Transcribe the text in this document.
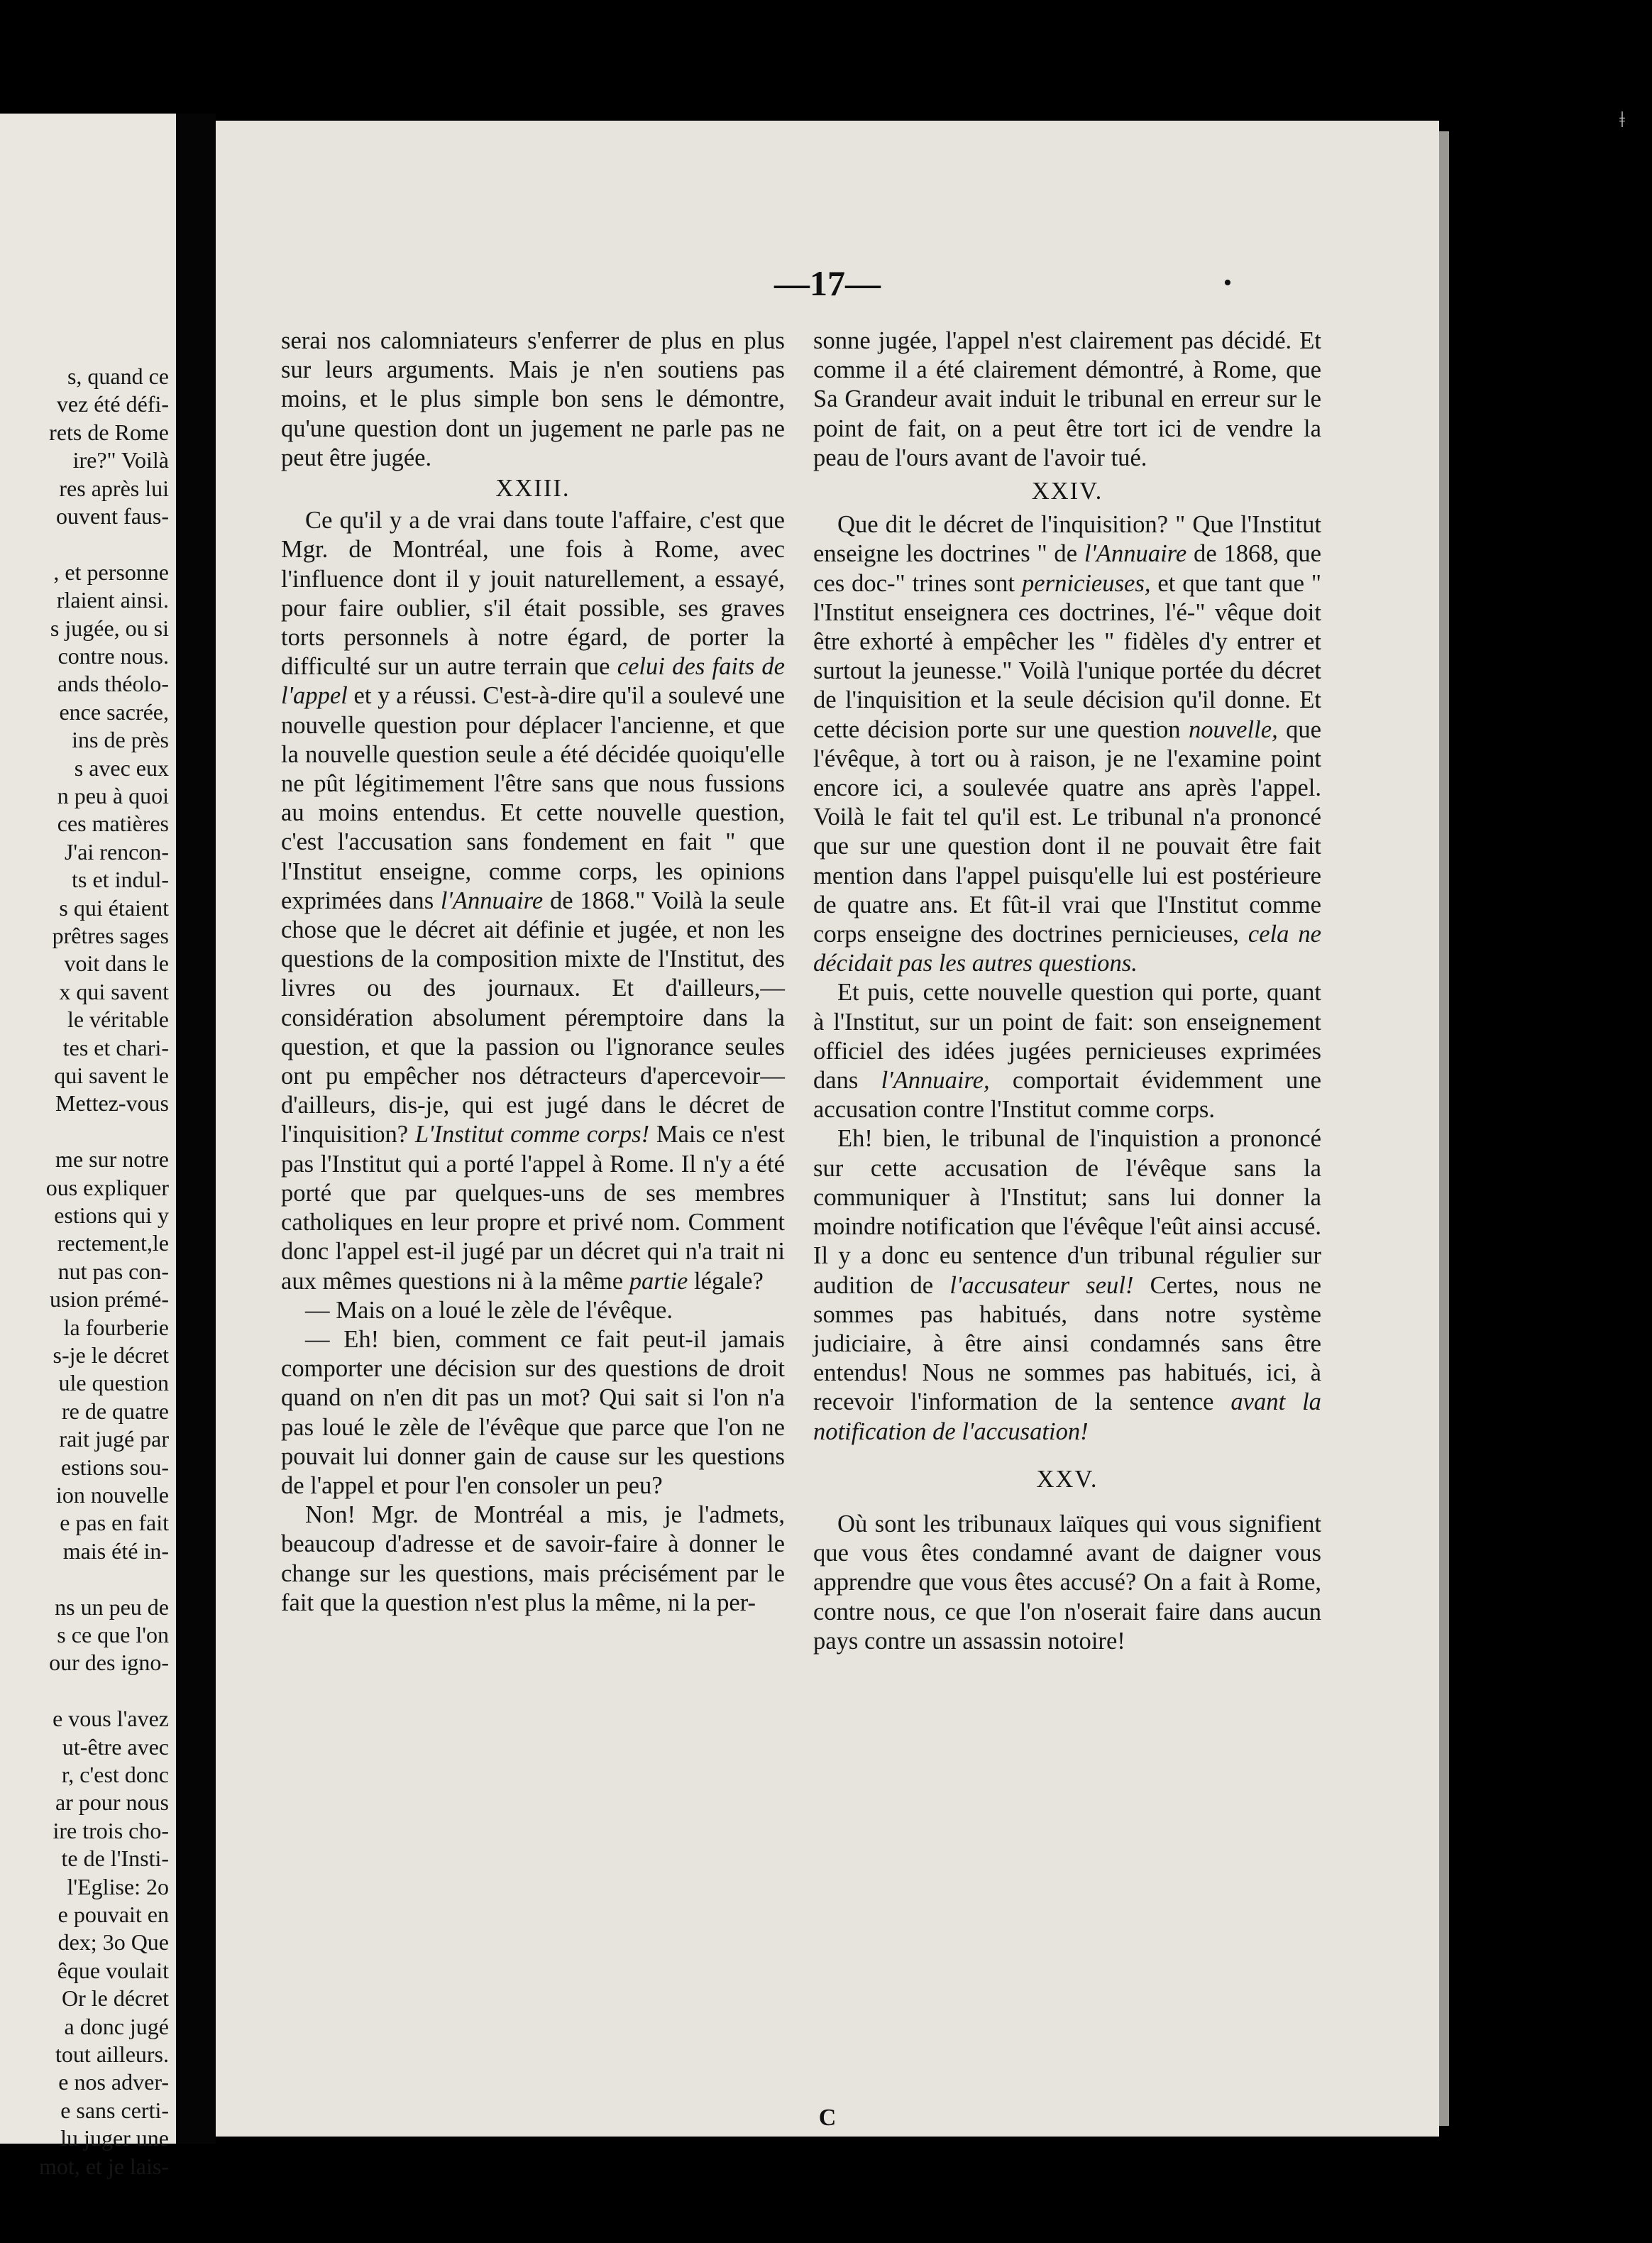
s, quand ce
vez été défi-
rets de Rome
ire?" Voilà
res après lui
ouvent faus-
, et personne
rlaient ainsi.
s jugée, ou si
contre nous.
ands théolo-
ence sacrée,
ins de près
s avec eux
n peu à quoi
ces matières
J'ai rencon-
ts et indul-
s qui étaient
prêtres sages
voit dans le
x qui savent
le véritable
tes et chari-
qui savent le
Mettez-vous
me sur notre
ous expliquer
estions qui y
rectement,le
nut pas con-
usion prémé-
la fourberie
s-je le décret
ule question
re de quatre
rait jugé par
estions sou-
ion nouvelle
e pas en fait
mais été in-
ns un peu de
s ce que l'on
our des igno-
e vous l'avez
ut-être avec
r, c'est donc
ar pour nous
ire trois cho-
te de l'Insti-
l'Eglise: 2o
e pouvait en
dex; 3o Que
êque voulait
Or le décret
a donc jugé
tout ailleurs.
e nos adver-
e sans certi-
lu juger une
mot, et je lais-
ǂ
—17—	•

serai nos calomniateurs s'enferrer de plus en plus sur leurs arguments. Mais je n'en soutiens pas moins, et le plus simple bon sens le démontre, qu'une question dont un jugement ne parle pas ne peut être jugée.

XXIII.

Ce qu'il y a de vrai dans toute l'affaire, c'est que Mgr. de Montréal, une fois à Rome, avec l'influence dont il y jouit naturellement, a essayé, pour faire oublier, s'il était possible, ses graves torts personnels à notre égard, de porter la difficulté sur un autre terrain que celui des faits de l'appel et y a réussi. C'est-à-dire qu'il a soulevé une nouvelle question pour déplacer l'ancienne, et que la nouvelle question seule a été décidée quoiqu'elle ne pût légitimement l'être sans que nous fussions au moins entendus. Et cette nouvelle question, c'est l'accusation sans fondement en fait " que l'Institut enseigne, comme corps, les opinions exprimées dans l'Annuaire de 1868." Voilà la seule chose que le décret ait définie et jugée, et non les questions de la composition mixte de l'Institut, des livres ou des journaux. Et d'ailleurs,—considération absolument péremptoire dans la question, et que la passion ou l'ignorance seules ont pu empêcher nos détracteurs d'apercevoir—d'ailleurs, dis-je, qui est jugé dans le décret de l'inquisition? L'Institut comme corps! Mais ce n'est pas l'Institut qui a porté l'appel à Rome. Il n'y a été porté que par quelques-uns de ses membres catholiques en leur propre et privé nom. Comment donc l'appel est-il jugé par un décret qui n'a trait ni aux mêmes questions ni à la même partie légale?

— Mais on a loué le zèle de l'évêque.

— Eh! bien, comment ce fait peut-il jamais comporter une décision sur des questions de droit quand on n'en dit pas un mot? Qui sait si l'on n'a pas loué le zèle de l'évêque que parce que l'on ne pouvait lui donner gain de cause sur les questions de l'appel et pour l'en consoler un peu?

Non! Mgr. de Montréal a mis, je l'admets, beaucoup d'adresse et de savoir-faire à donner le change sur les questions, mais précisément par le fait que la question n'est plus la même, ni la per-

sonne jugée, l'appel n'est clairement pas décidé. Et comme il a été clairement démontré, à Rome, que Sa Grandeur avait induit le tribunal en erreur sur le point de fait, on a peut être tort ici de vendre la peau de l'ours avant de l'avoir tué.

XXIV.

Que dit le décret de l'inquisition? " Que l'Institut enseigne les doctrines " de l'Annuaire de 1868, que ces doc-" trines sont pernicieuses, et que tant que " l'Institut enseignera ces doctrines, l'é-" vêque doit être exhorté à empêcher les " fidèles d'y entrer et surtout la jeunesse." Voilà l'unique portée du décret de l'inquisition et la seule décision qu'il donne. Et cette décision porte sur une question nouvelle, que l'évêque, à tort ou à raison, je ne l'examine point encore ici, a soulevée quatre ans après l'appel. Voilà le fait tel qu'il est. Le tribunal n'a prononcé que sur une question dont il ne pouvait être fait mention dans l'appel puisqu'elle lui est postérieure de quatre ans. Et fût-il vrai que l'Institut comme corps enseigne des doctrines pernicieuses, cela ne décidait pas les autres questions.

Et puis, cette nouvelle question qui porte, quant à l'Institut, sur un point de fait: son enseignement officiel des idées jugées pernicieuses exprimées dans l'Annuaire, comportait évidemment une accusation contre l'Institut comme corps.

Eh! bien, le tribunal de l'inquistion a prononcé sur cette accusation de l'évêque sans la communiquer à l'Institut; sans lui donner la moindre notification que l'évêque l'eût ainsi accusé. Il y a donc eu sentence d'un tribunal régulier sur audition de l'accusateur seul! Certes, nous ne sommes pas habitués, dans notre système judiciaire, à être ainsi condamnés sans être entendus! Nous ne sommes pas habitués, ici, à recevoir l'information de la sentence avant la notification de l'accusation!

XXV.

Où sont les tribunaux laïques qui vous signifient que vous êtes condamné avant de daigner vous apprendre que vous êtes accusé? On a fait à Rome, contre nous, ce que l'on n'oserait faire dans aucun pays contre un assassin notoire!

C
